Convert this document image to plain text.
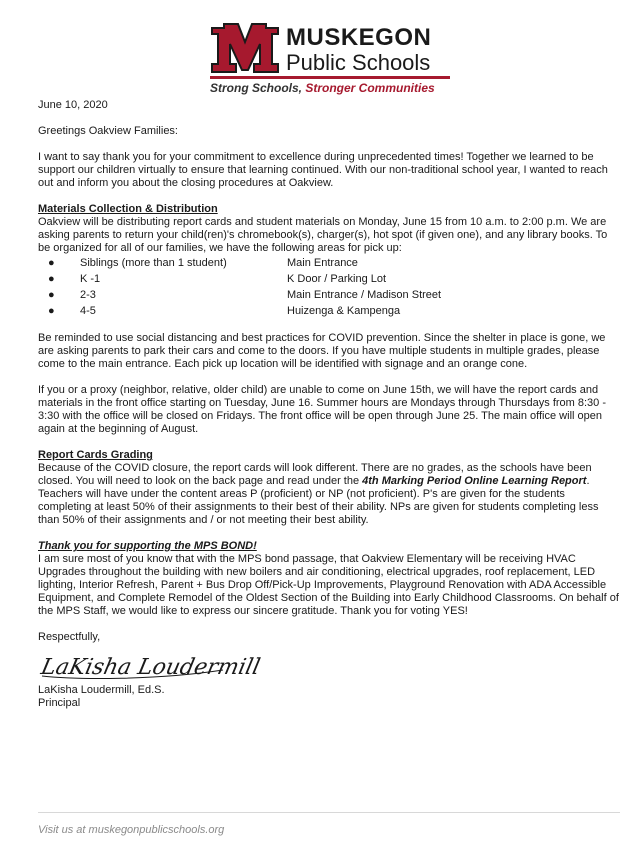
MUSKEGON
Public Schools
Strong Schools, Stronger Communities

June 10, 2020

Greetings Oakview Families:

I want to say thank you for your commitment to excellence during unprecedented times! Together we learned to be support our children virtually to ensure that learning continued. With our non-traditional school year, I wanted to reach out and inform you about the closing procedures at Oakview.

Materials Collection & Distribution

Oakview will be distributing report cards and student materials on Monday, June 15 from 10 a.m. to 2:00 p.m. We are asking parents to return your child(ren)'s chromebook(s), charger(s), hot spot (if given one), and any library books. To be organized for all of our families, we have the following areas for pick up:

● Siblings (more than 1 student)	Main Entrance
● K -1	K Door / Parking Lot
● 2-3	Main Entrance / Madison Street
● 4-5	Huizenga & Kampenga

Be reminded to use social distancing and best practices for COVID prevention. Since the shelter in place is gone, we are asking parents to park their cars and come to the doors. If you have multiple students in multiple grades, please come to the main entrance. Each pick up location will be identified with signage and an orange cone.

If you or a proxy (neighbor, relative, older child) are unable to come on June 15th, we will have the report cards and materials in the front office starting on Tuesday, June 16. Summer hours are Mondays through Thursdays from 8:30 - 3:30 with the office will be closed on Fridays. The front office will be open through June 25. The main office will open again at the beginning of August.

Report Cards Grading

Because of the COVID closure, the report cards will look different. There are no grades, as the schools have been closed. You will need to look on the back page and read under the 4th Marking Period Online Learning Report. Teachers will have under the content areas P (proficient) or NP (not proficient). P's are given for the students completing at least 50% of their assignments to their best of their ability. NPs are given for students completing less than 50% of their assignments and / or not meeting their best ability.

Thank you for supporting the MPS BOND!

I am sure most of you know that with the MPS bond passage, that Oakview Elementary will be receiving HVAC Upgrades throughout the building with new boilers and air conditioning, electrical upgrades, roof replacement, LED lighting, Interior Refresh, Parent + Bus Drop Off/Pick-Up Improvements, Playground Renovation with ADA Accessible Equipment, and Complete Remodel of the Oldest Section of the Building into Early Childhood Classrooms. On behalf of the MPS Staff, we would like to express our sincere gratitude. Thank you for voting YES!

Respectfully,

LaKisha Loudermill

LaKisha Loudermill, Ed.S.

Principal

Visit us at muskegonpublicschools.org
